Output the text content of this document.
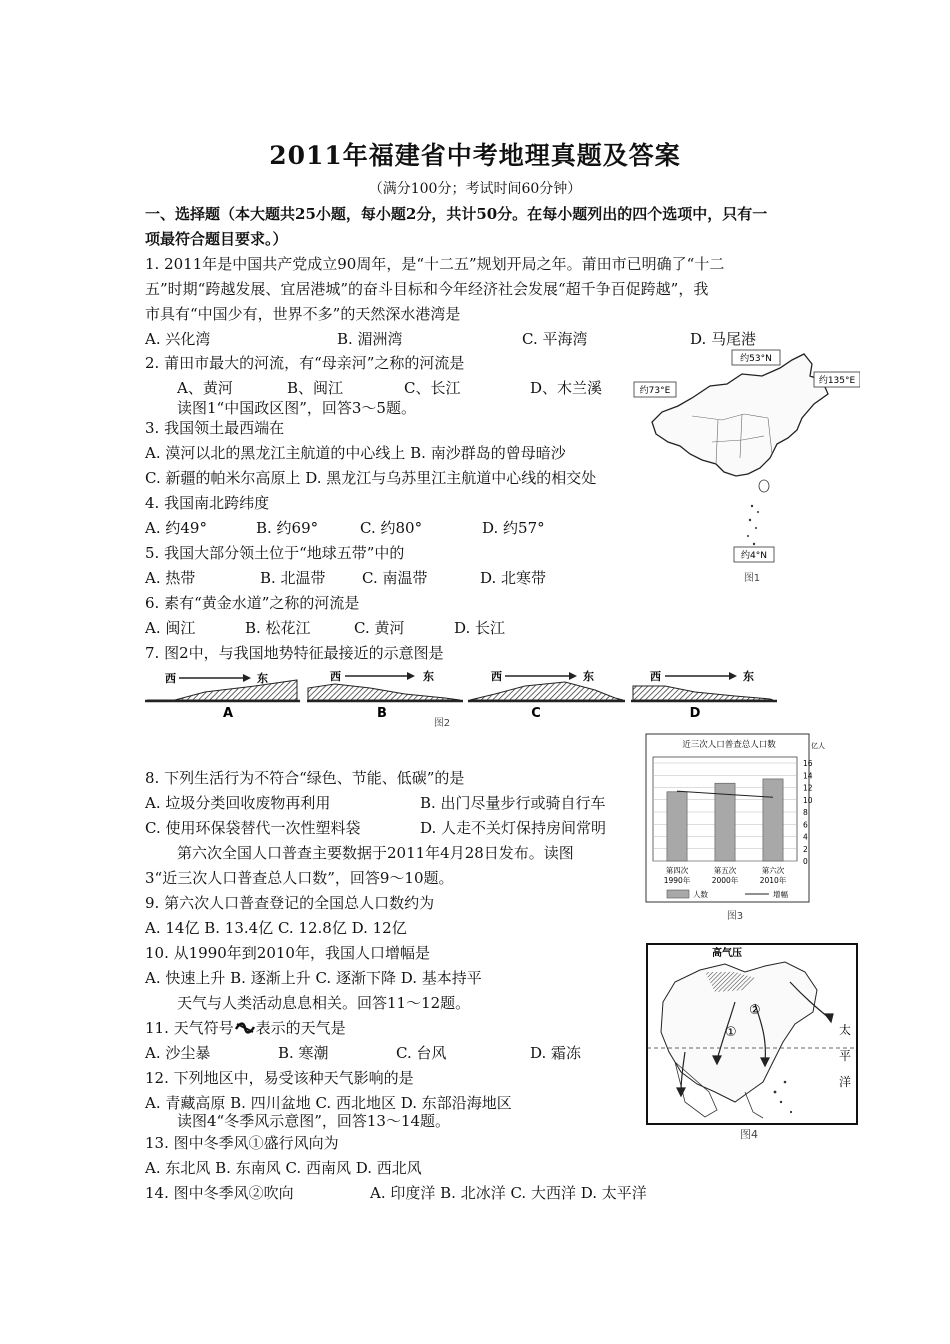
2011年福建省中考地理真题及答案
（满分100分；考试时间60分钟）
一、选择题（本大题共25小题，每小题2分，共计50分。在每小题列出的四个选项中，只有一
项最符合题目要求。）
1. 2011年是中国共产党成立90周年，是“十二五”规划开局之年。莆田市已明确了“十二
五”时期“跨越发展、宜居港城”的奋斗目标和今年经济社会发展“超千争百促跨越”，我
市具有“中国少有，世界不多”的天然深水港湾是
A. 兴化湾	B. 湄洲湾	C. 平海湾	D. 马尾港
2. 莆田市最大的河流，有“母亲河”之称的河流是
A、黄河	B、闽江	C、长江	D、木兰溪
读图1“中国政区图”，回答3～5题。
3. 我国领土最西端在
A. 漠河以北的黑龙江主航道的中心线上 B. 南沙群岛的曾母暗沙
C. 新疆的帕米尔高原上 D. 黑龙江与乌苏里江主航道中心线的相交处
4. 我国南北跨纬度
A. 约49°	B. 约69°	C. 约80°	D. 约57°
5. 我国大部分领土位于“地球五带”中的
A. 热带	B. 北温带 C. 南温带	D. 北寒带
6. 素有“黄金水道”之称的河流是
A. 闽江	B. 松花江	C. 黄河	D. 长江
7. 图2中，与我国地势特征最接近的示意图是
约53°N
约135°E
约73°E
约4°N
图1
西	东
A
西	东
B
西	东
C
西	东
D
图2
8. 下列生活行为不符合“绿色、节能、低碳”的是
A. 垃圾分类回收废物再利用	B. 出门尽量步行或骑自行车
C. 使用环保袋替代一次性塑料袋	D. 人走不关灯保持房间常明
第六次全国人口普查主要数据于2011年4月28日发布。读图
3“近三次人口普查总人口数”，回答9～10题。
近三次人口普查总人口数	亿人
0
2
4
6
8
10
12
14
16
第四次
1990年
第五次
2000年
第六次
2010年
人数	增幅
图3
9. 第六次人口普查登记的全国总人口数约为
A. 14亿 B. 13.4亿 C. 12.8亿 D. 12亿
10. 从1990年到2010年，我国人口增幅是
A. 快速上升 B. 逐渐上升 C. 逐渐下降 D. 基本持平
天气与人类活动息息相关。回答11～12题。
11. 天气符号 表示的天气是
A. 沙尘暴	B. 寒潮	C. 台风	D. 霜冻
12. 下列地区中，易受该种天气影响的是
A. 青藏高原 B. 四川盆地 C. 西北地区 D. 东部沿海地区
读图4“冬季风示意图”，回答13～14题。
13. 图中冬季风①盛行风向为
A. 东北风 B. 东南风 C. 西南风 D. 西北风
14. 图中冬季风②吹向	A. 印度洋 B. 北冰洋 C. 大西洋 D. 太平洋
高气压
①
②
太
平
洋
图4
